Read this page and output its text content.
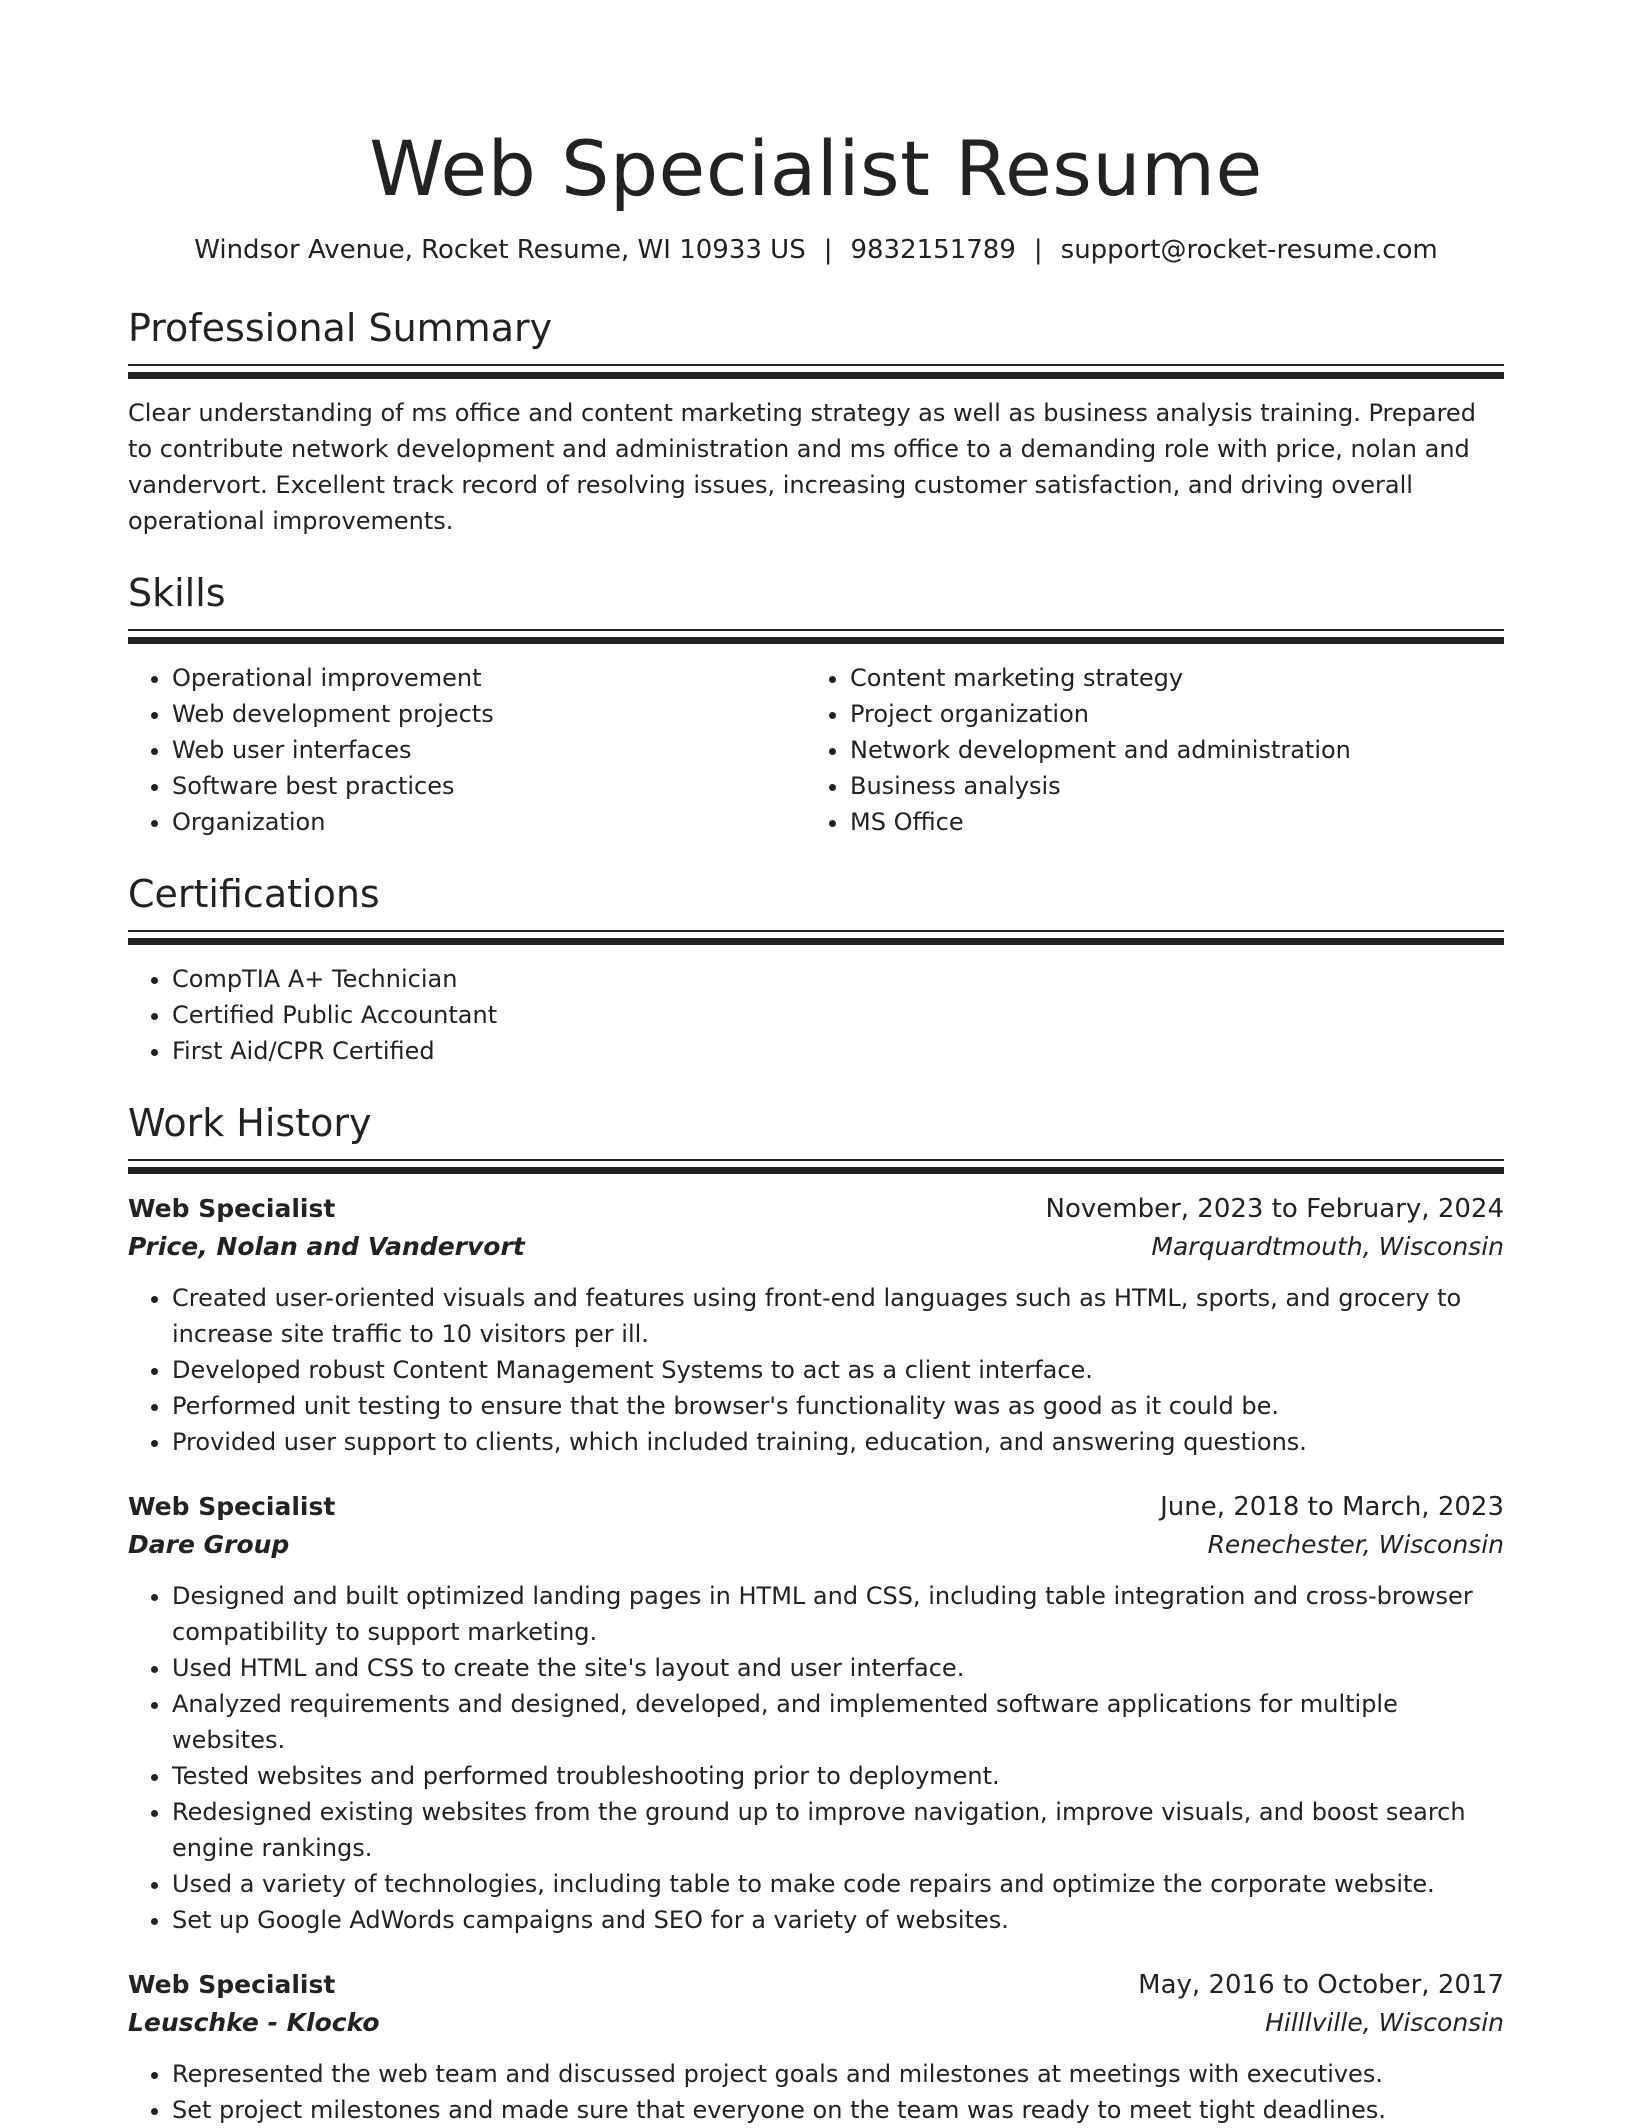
Web Specialist Resume
Windsor Avenue, Rocket Resume, WI 10933 US | 9832151789 | support@rocket-resume.com
Professional Summary

Clear understanding of ms office and content marketing strategy as well as business analysis training. Prepared to contribute network development and administration and ms office to a demanding role with price, nolan and vandervort. Excellent track record of resolving issues, increasing customer satisfaction, and driving overall operational improvements.

Skills
• Operational improvement
• Web development projects
• Web user interfaces
• Software best practices
• Organization
• Content marketing strategy
• Project organization
• Network development and administration
• Business analysis
• MS Office
Certifications
• CompTIA A+ Technician
• Certified Public Accountant
• First Aid/CPR Certified
Work History
Web Specialist	November, 2023 to February, 2024
Price, Nolan and Vandervort	Marquardtmouth, Wisconsin
• Created user-oriented visuals and features using front-end languages such as HTML, sports, and grocery to increase site traffic to 10 visitors per ill.
• Developed robust Content Management Systems to act as a client interface.
• Performed unit testing to ensure that the browser's functionality was as good as it could be.
• Provided user support to clients, which included training, education, and answering questions.
Web Specialist	June, 2018 to March, 2023
Dare Group	Renechester, Wisconsin
• Designed and built optimized landing pages in HTML and CSS, including table integration and cross-browser compatibility to support marketing.
• Used HTML and CSS to create the site's layout and user interface.
• Analyzed requirements and designed, developed, and implemented software applications for multiple websites.
• Tested websites and performed troubleshooting prior to deployment.
• Redesigned existing websites from the ground up to improve navigation, improve visuals, and boost search engine rankings.
• Used a variety of technologies, including table to make code repairs and optimize the corporate website.
• Set up Google AdWords campaigns and SEO for a variety of websites.
Web Specialist	May, 2016 to October, 2017
Leuschke - Klocko	Hilllville, Wisconsin
• Represented the web team and discussed project goals and milestones at meetings with executives.
• Set project milestones and made sure that everyone on the team was ready to meet tight deadlines.
